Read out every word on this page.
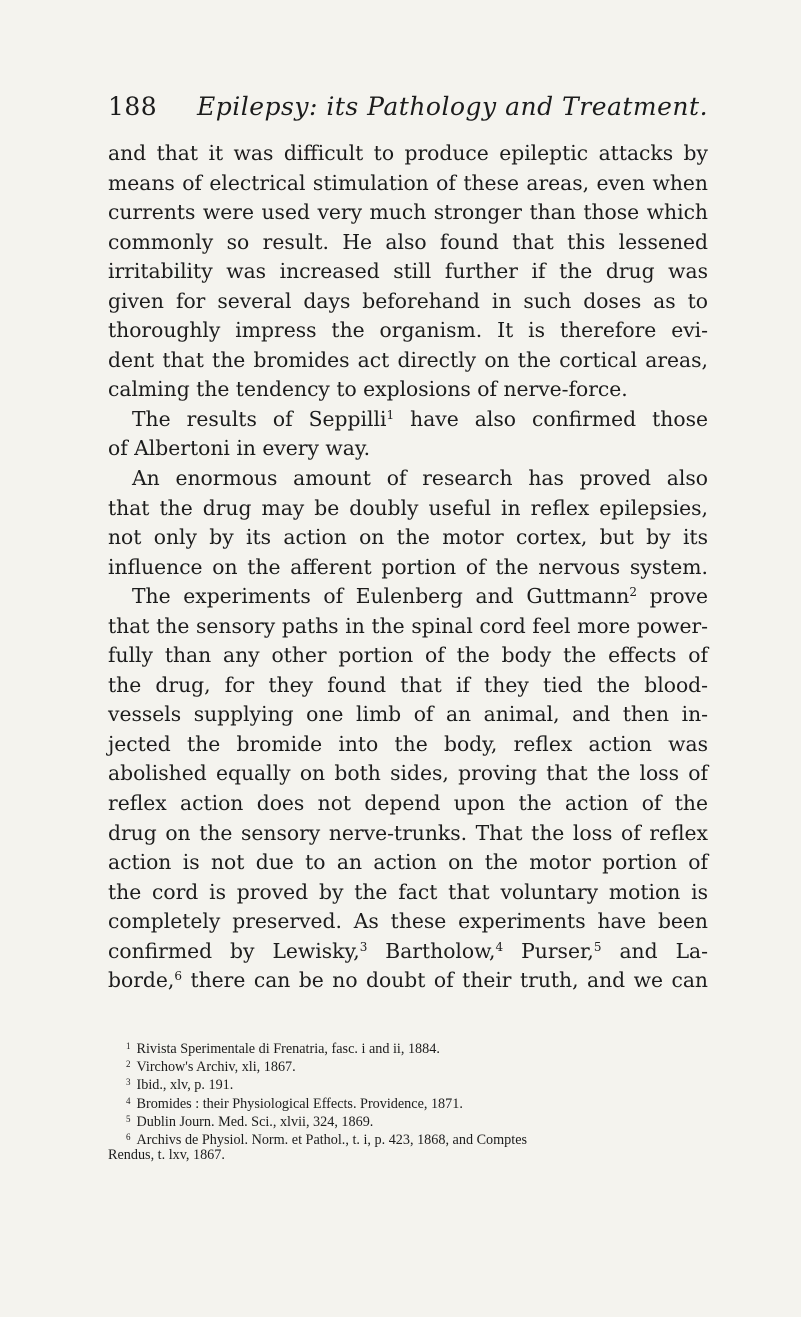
188 Epilepsy: its Pathology and Treatment.
and that it was difficult to produce epileptic attacks by
means of electrical stimulation of these areas, even when
currents were used very much stronger than those which
commonly so result. He also found that this lessened
irritability was increased still further if the drug was
given for several days beforehand in such doses as to
thoroughly impress the organism. It is therefore evi-
dent that the bromides act directly on the cortical areas,
calming the tendency to explosions of nerve-force.
The results of Seppilli$^1$ have also confirmed those
of Albertoni in every way.
An enormous amount of research has proved also
that the drug may be doubly useful in reflex epilepsies,
not only by its action on the motor cortex, but by its
influence on the afferent portion of the nervous system.
The experiments of Eulenberg and Guttmann$^2$ prove
that the sensory paths in the spinal cord feel more power-
fully than any other portion of the body the effects of
the drug, for they found that if they tied the blood-
vessels supplying one limb of an animal, and then in-
jected the bromide into the body, reflex action was
abolished equally on both sides, proving that the loss of
reflex action does not depend upon the action of the
drug on the sensory nerve-trunks. That the loss of reflex
action is not due to an action on the motor portion of
the cord is proved by the fact that voluntary motion is
completely preserved. As these experiments have been
confirmed by Lewisky,$^3$ Bartholow,$^4$ Purser,$^5$ and La-
borde,$^6$ there can be no doubt of their truth, and we can
$^1$ Rivista Sperimentale di Frenatria, fasc. i and ii, 1884.
$^2$ Virchow's Archiv, xli, 1867.
$^3$ Ibid., xlv, p. 191.
$^4$ Bromides : their Physiological Effects. Providence, 1871.
$^5$ Dublin Journ. Med. Sci., xlvii, 324, 1869.
$^6$ Archivs de Physiol. Norm. et Pathol., t. i, p. 423, 1868, and Comptes
Rendus, t. lxv, 1867.
